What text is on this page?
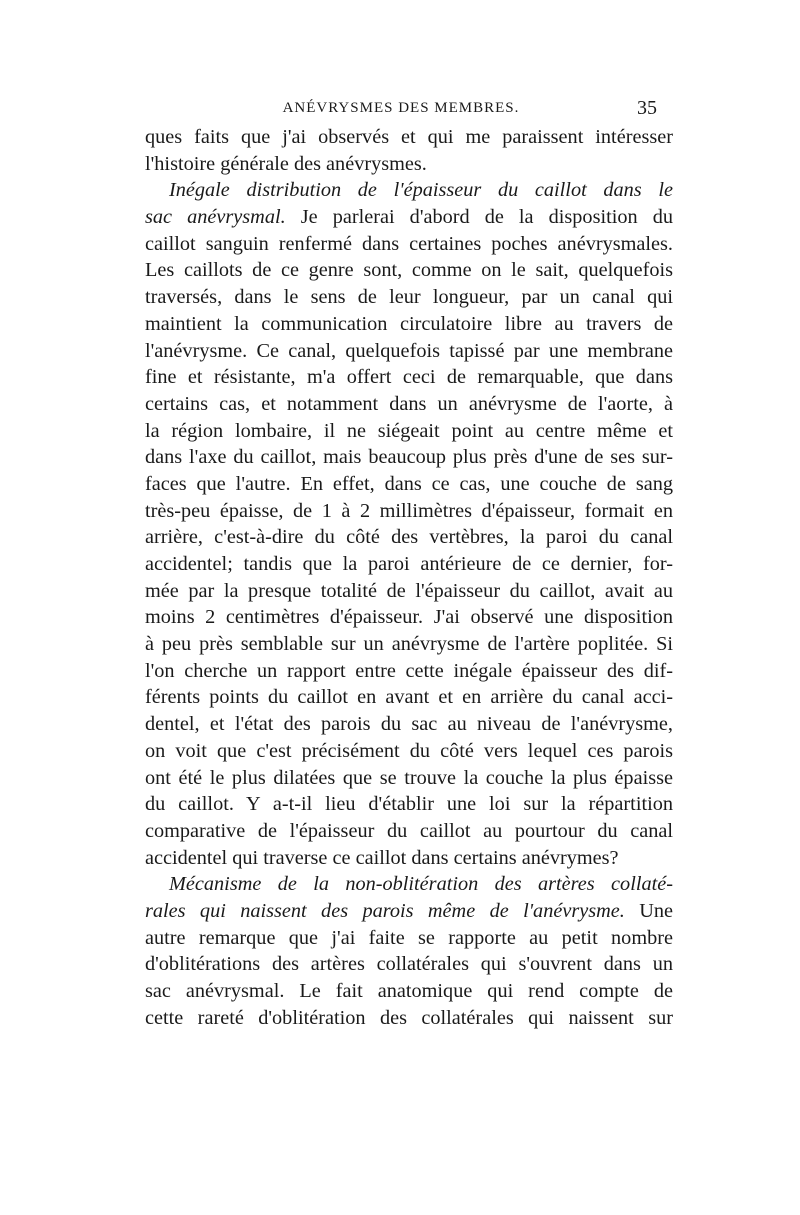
ANÉVRYSMES DES MEMBRES.	35
ques faits que j'ai observés et qui me paraissent intéresser
l'histoire générale des anévrysmes.
Inégale distribution de l'épaisseur du caillot dans le
sac anévrysmal. Je parlerai d'abord de la disposition du
caillot sanguin renfermé dans certaines poches anévrysmales.
Les caillots de ce genre sont, comme on le sait, quelquefois
traversés, dans le sens de leur longueur, par un canal qui
maintient la communication circulatoire libre au travers de
l'anévrysme. Ce canal, quelquefois tapissé par une membrane
fine et résistante, m'a offert ceci de remarquable, que dans
certains cas, et notamment dans un anévrysme de l'aorte, à
la région lombaire, il ne siégeait point au centre même et
dans l'axe du caillot, mais beaucoup plus près d'une de ses sur-
faces que l'autre. En effet, dans ce cas, une couche de sang
très-peu épaisse, de 1 à 2 millimètres d'épaisseur, formait en
arrière, c'est-à-dire du côté des vertèbres, la paroi du canal
accidentel; tandis que la paroi antérieure de ce dernier, for-
mée par la presque totalité de l'épaisseur du caillot, avait au
moins 2 centimètres d'épaisseur. J'ai observé une disposition
à peu près semblable sur un anévrysme de l'artère poplitée. Si
l'on cherche un rapport entre cette inégale épaisseur des dif-
férents points du caillot en avant et en arrière du canal acci-
dentel, et l'état des parois du sac au niveau de l'anévrysme,
on voit que c'est précisément du côté vers lequel ces parois
ont été le plus dilatées que se trouve la couche la plus épaisse
du caillot. Y a-t-il lieu d'établir une loi sur la répartition
comparative de l'épaisseur du caillot au pourtour du canal
accidentel qui traverse ce caillot dans certains anévrymes?
Mécanisme de la non-oblitération des artères collaté-
rales qui naissent des parois même de l'anévrysme. Une
autre remarque que j'ai faite se rapporte au petit nombre
d'oblitérations des artères collatérales qui s'ouvrent dans un
sac anévrysmal. Le fait anatomique qui rend compte de
cette rareté d'oblitération des collatérales qui naissent sur
